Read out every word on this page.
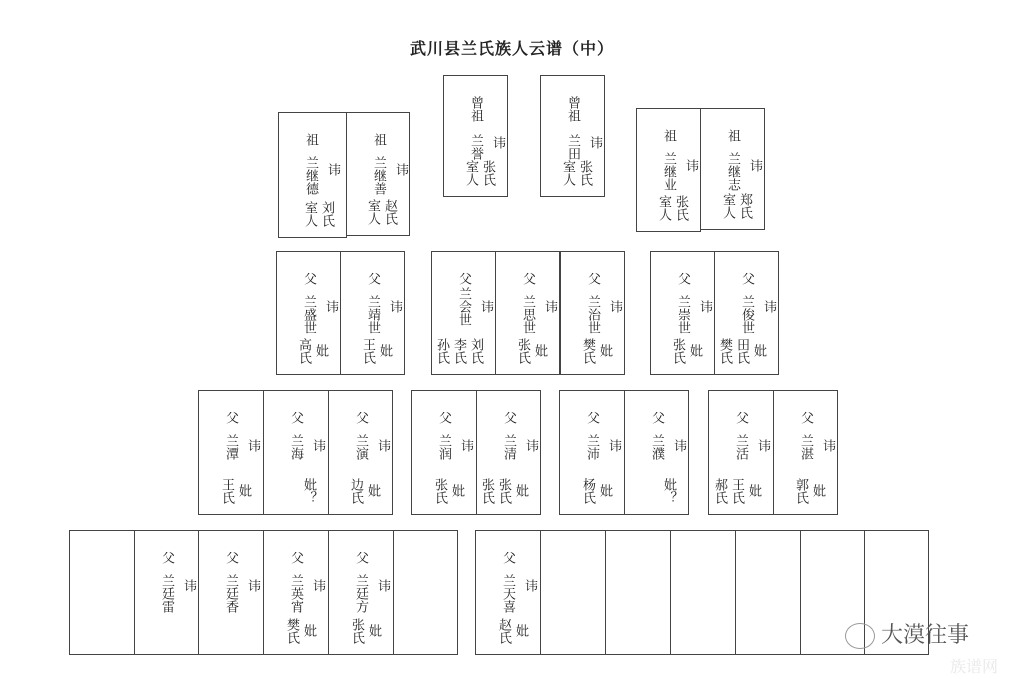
武川县兰氏族人云谱（中）
祖
兰继德 讳
室人 刘氏
祖
兰继善 讳
室人 赵氏
曾祖
兰誉 讳
室人 张氏
曾祖
兰田 讳
室人 张氏
祖
兰继业 讳
室人 张氏
祖
兰继志 讳
室人 郑氏
父
兰盛世 讳
高氏 妣
父
兰靖世 讳
王氏 妣
父
兰会世 讳
孙氏 李氏 刘氏
父
兰思世 讳
张氏 妣
父
兰治世 讳
樊氏 妣
父
兰崇世 讳
张氏 妣
父
兰俊世 讳
樊氏 田氏 妣
父
兰潭 讳
王氏 妣
父
兰海 讳
妣？
父
兰演 讳
边氏 妣
父
兰润 讳
张氏 妣
父
兰清 讳
张氏 张氏 妣
父
兰沛 讳
杨氏 妣
父
兰濮 讳
妣？
父
兰活 讳
郝氏 王氏 妣
父
兰湛 讳
郭氏 妣
父
兰廷雷 讳
父
兰廷香 讳
父
兰英宵 讳
樊氏 妣
父
兰廷方 讳
张氏 妣
父
兰天喜 讳
赵氏 妣	大漠往事
族谱网
